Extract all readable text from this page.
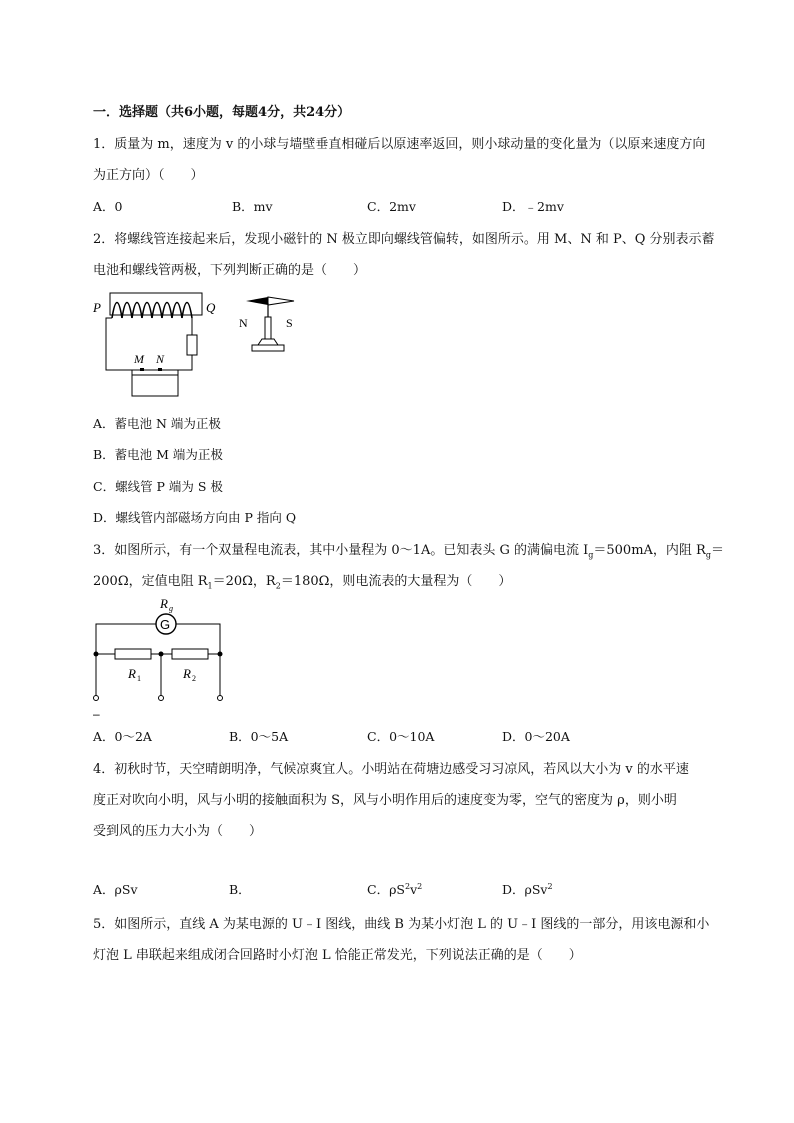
一．选择题（共6小题，每题4分，共24分）
1．质量为 m，速度为 v 的小球与墙壁垂直相碰后以原速率返回，则小球动量的变化量为（以原来速度方向
为正方向）（　　）
A．0	B．mv	C．2mv	D．﹣2mv
2．将螺线管连接起来后，发现小磁针的 N 极立即向螺线管偏转，如图所示。用 M、N 和 P、Q 分别表示蓄
电池和螺线管两极，下列判断正确的是（　　）
P	Q
M N
N	S
A．蓄电池 N 端为正极
B．蓄电池 M 端为正极
C．螺线管 P 端为 S 极
D．螺线管内部磁场方向由 P 指向 Q
3．如图所示，有一个双量程电流表，其中小量程为 0～1A。已知表头 G 的满偏电流 $I_g=500mA$，内阻 $R_g=$
200Ω，定值电阻 $R_1=20\Omega$，$R_2=180\Omega$，则电流表的大量程为（　　）
R g
G
R 1	R 2
–
A．0～2A	B．0～5A	C．0～10A	D．0～20A
4．初秋时节，天空晴朗明净，气候凉爽宜人。小明站在荷塘边感受习习凉风，若风以大小为 v 的水平速
度正对吹向小明，风与小明的接触面积为 S，风与小明作用后的速度变为零，空气的密度为 ρ，则小明
受到风的压力大小为（　　）
A．ρSv	B．	C．$\rho S^2v^2$	D．ρSv$^2$
5．如图所示，直线 A 为某电源的 U﹣I 图线，曲线 B 为某小灯泡 L 的 U﹣I 图线的一部分，用该电源和小
灯泡 L 串联起来组成闭合回路时小灯泡 L 恰能正常发光，下列说法正确的是（　　）
